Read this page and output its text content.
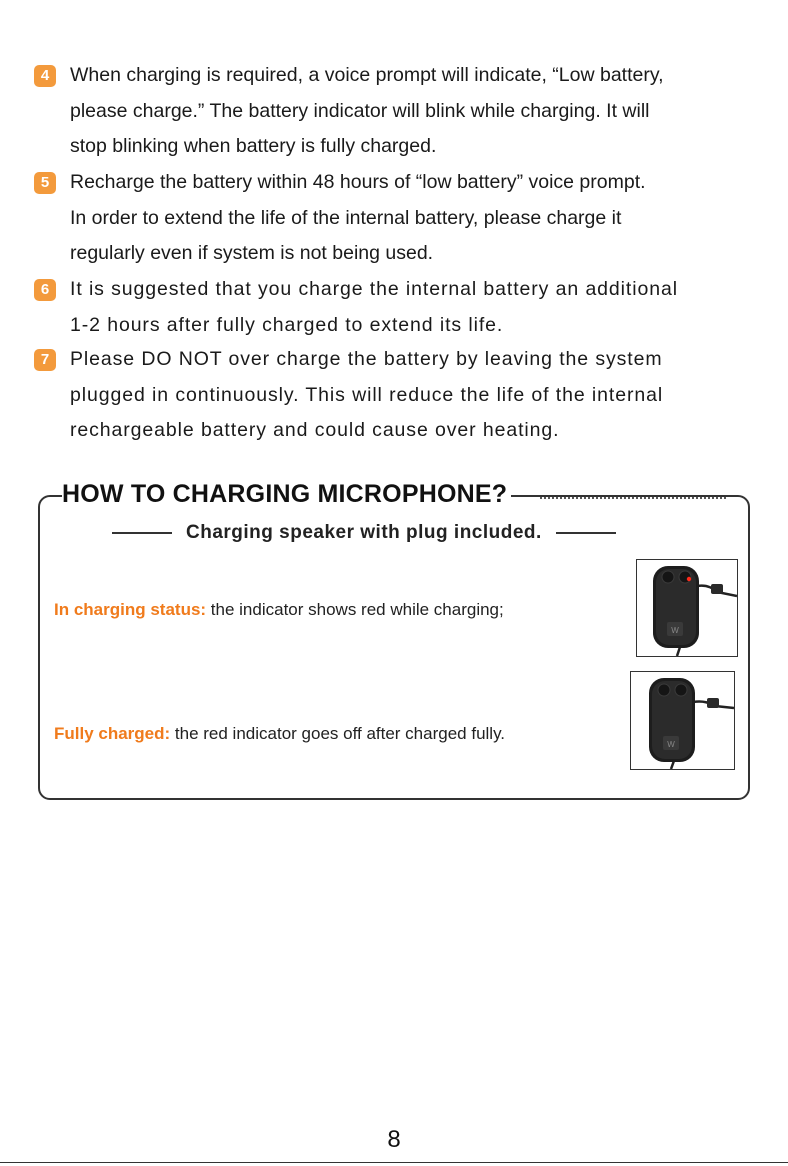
4	When charging is required, a voice prompt will indicate, “Low battery,

please charge.” The battery indicator will blink while charging. It will

stop blinking when battery is fully charged.

5	Recharge the battery within 48 hours of “low battery” voice prompt.

In order to extend the life of the internal battery, please charge it

regularly even if system is not being used.

6	It is suggested that you charge the internal battery an additional

1-2 hours after fully charged to extend its life.

7	Please DO NOT over charge the battery by leaving the system

plugged in continuously. This will reduce the life of the internal

rechargeable battery and could cause over heating.

HOW TO CHARGING MICROPHONE?
Charging speaker with plug included.
In charging status: the indicator shows red while charging;
Fully charged: the red indicator goes off after charged fully.
W
W
8
